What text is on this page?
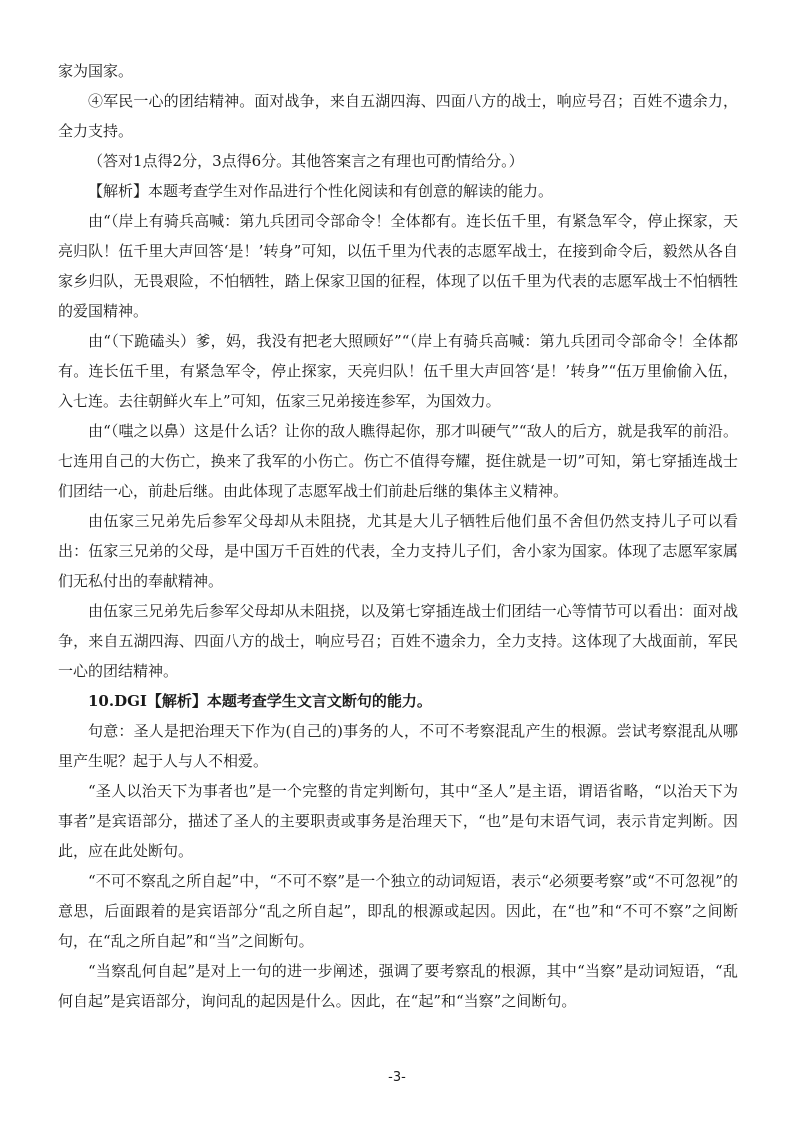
家为国家。

④军民一心的团结精神。面对战争，来自五湖四海、四面八方的战士，响应号召；百姓不遗余力，全力支持。

（答对1点得2分，3点得6分。其他答案言之有理也可酌情给分。）

【解析】本题考查学生对作品进行个性化阅读和有创意的解读的能力。

由“（岸上有骑兵高喊：第九兵团司令部命令！全体都有。连长伍千里，有紧急军令，停止探家，天亮归队！伍千里大声回答‘是！’转身”可知，以伍千里为代表的志愿军战士，在接到命令后，毅然从各自家乡归队，无畏艰险，不怕牺牲，踏上保家卫国的征程，体现了以伍千里为代表的志愿军战士不怕牺牲的爱国精神。

由“（下跪磕头）爹，妈，我没有把老大照顾好”“（岸上有骑兵高喊：第九兵团司令部命令！全体都有。连长伍千里，有紧急军令，停止探家，天亮归队！伍千里大声回答‘是！’转身”“伍万里偷偷入伍，入七连。去往朝鲜火车上”可知，伍家三兄弟接连参军，为国效力。

由“（嗤之以鼻）这是什么话？让你的敌人瞧得起你，那才叫硬气”“敌人的后方，就是我军的前沿。七连用自己的大伤亡，换来了我军的小伤亡。伤亡不值得夸耀，挺住就是一切”可知，第七穿插连战士们团结一心，前赴后继。由此体现了志愿军战士们前赴后继的集体主义精神。

由伍家三兄弟先后参军父母却从未阻挠，尤其是大儿子牺牲后他们虽不舍但仍然支持儿子可以看出：伍家三兄弟的父母，是中国万千百姓的代表，全力支持儿子们，舍小家为国家。体现了志愿军家属们无私付出的奉献精神。

由伍家三兄弟先后参军父母却从未阻挠，以及第七穿插连战士们团结一心等情节可以看出：面对战争，来自五湖四海、四面八方的战士，响应号召；百姓不遗余力，全力支持。这体现了大战面前，军民一心的团结精神。

10.DGI【解析】本题考查学生文言文断句的能力。

句意：圣人是把治理天下作为(自己的)事务的人，不可不考察混乱产生的根源。尝试考察混乱从哪里产生呢？起于人与人不相爱。

“圣人以治天下为事者也”是一个完整的肯定判断句，其中“圣人”是主语，谓语省略，“以治天下为事者”是宾语部分，描述了圣人的主要职责或事务是治理天下，“也”是句末语气词，表示肯定判断。因此，应在此处断句。

“不可不察乱之所自起”中，“不可不察”是一个独立的动词短语，表示“必须要考察”或“不可忽视”的意思，后面跟着的是宾语部分“乱之所自起”，即乱的根源或起因。因此，在“也”和“不可不察”之间断句，在“乱之所自起”和“当”之间断句。

“当察乱何自起”是对上一句的进一步阐述，强调了要考察乱的根源，其中“当察”是动词短语，“乱何自起”是宾语部分，询问乱的起因是什么。因此，在“起”和“当察”之间断句。

-3-
